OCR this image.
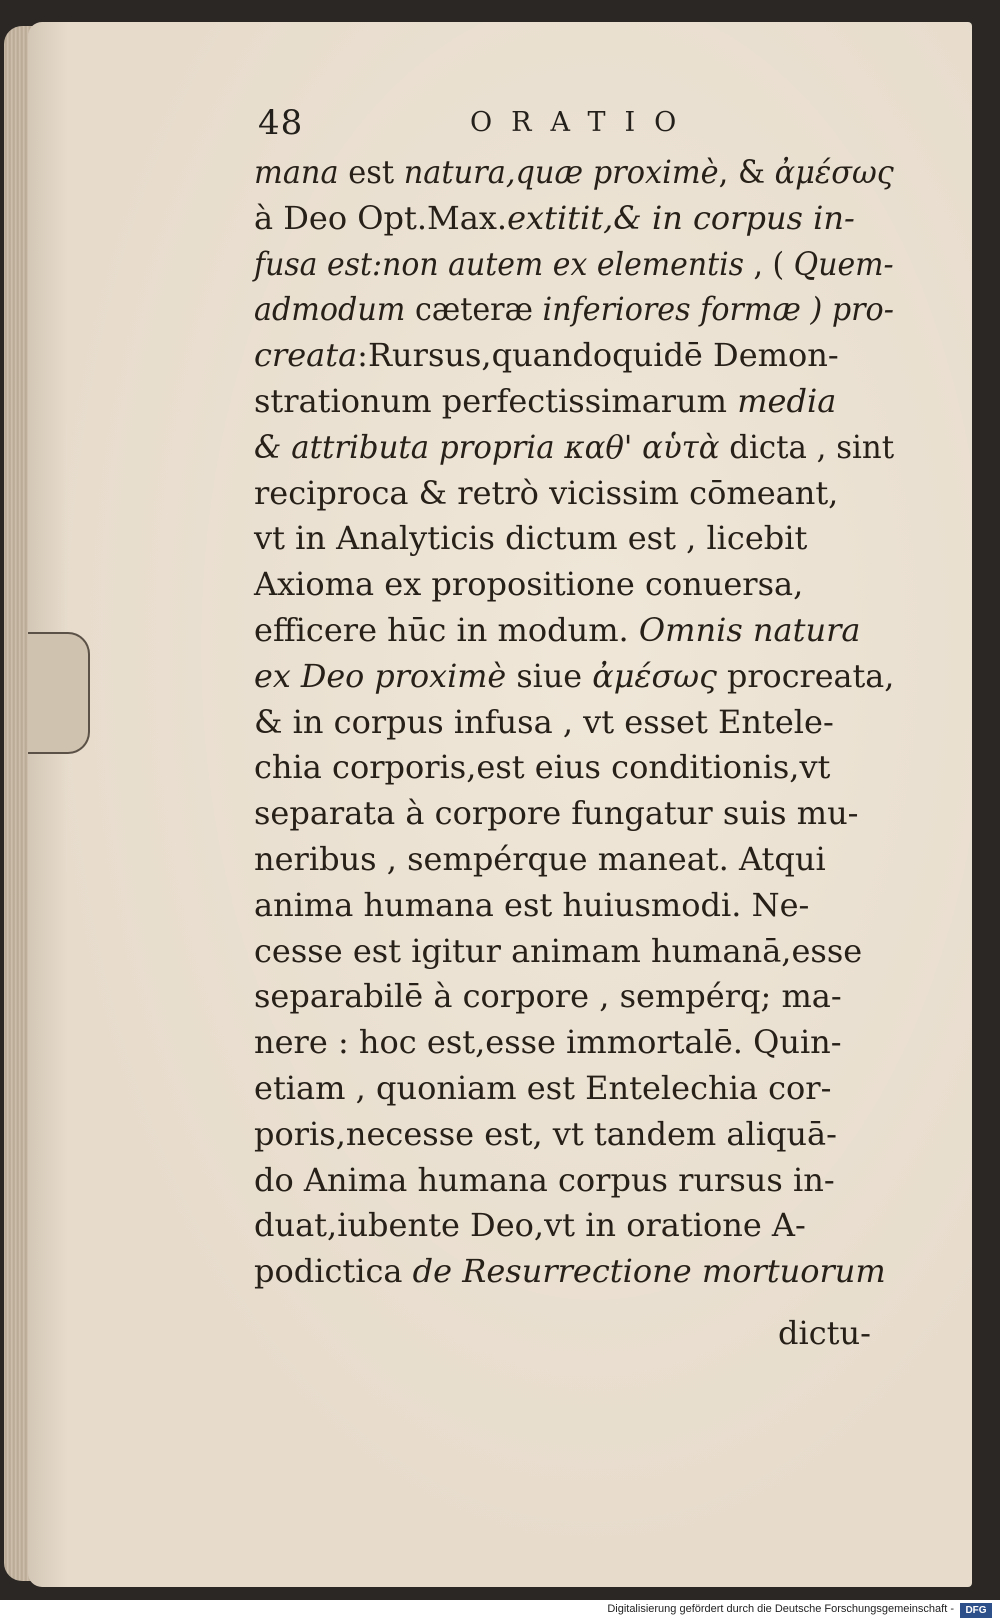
48	ORATIO
mana est natura,quæ proximè, & ἀμέσως
à Deo Opt.Max.extitit,& in corpus in-
fusa est:non autem ex elementis , ( Quem-
admodum cæteræ inferiores formæ ) pro-
creata:Rursus,quandoquidē Demon-
strationum perfectissimarum media
& attributa propria καθ' αὑτὰ dicta , sint
reciproca & retrò vicissim cōmeant,
vt in Analyticis dictum est , licebit
Axioma ex propositione conuersa,
efficere hūc in modum. Omnis natura
ex Deo proximè siue ἀμέσως procreata,
& in corpus infusa , vt esset Entele-
chia corporis,est eius conditionis,vt
separata à corpore fungatur suis mu-
neribus , sempérque maneat. Atqui
anima humana est huiusmodi. Ne-
cesse est igitur animam humanā,esse
separabilē à corpore , sempérq; ma-
nere : hoc est,esse immortalē. Quin-
etiam , quoniam est Entelechia cor-
poris,necesse est, vt tandem aliquā-
do Anima humana corpus rursus in-
duat,iubente Deo,vt in oratione A-
podictica de Resurrectione mortuorum
dictu-
Digitalisierung gefördert durch die Deutsche Forschungsgemeinschaft -	DFG
